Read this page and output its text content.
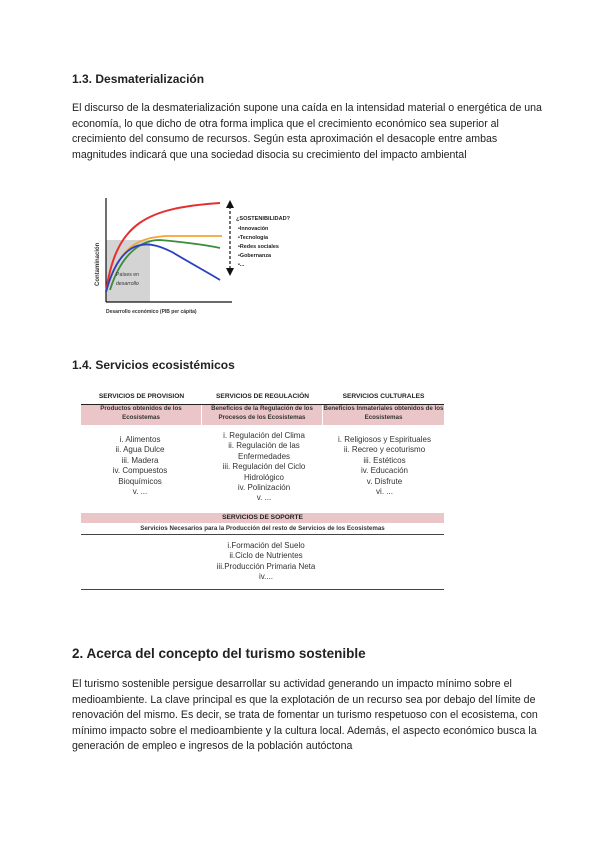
1.3. Desmaterialización
El discurso de la desmaterialización supone una caída en la intensidad material o energética de una economía, lo que dicho de otra forma implica que el crecimiento económico sea superior al crecimiento del consumo de recursos. Según esta aproximación el desacople entre ambas magnitudes indicará que una sociedad disocia su crecimiento del impacto ambiental
Contaminación
Desarrollo económico (PIB per cápita)
Países en
desarrollo
¿SOSTENIBILIDAD?
•Innovación
•Tecnología
•Redes sociales
•Gobernanza
•...
1.4. Servicios ecosistémicos
SERVICIOS DE PROVISION	SERVICIOS DE REGULACIÓN	SERVICIOS CULTURALES
Productos obtenidos de los Ecosistemas
Beneficios de la Regulación de los Procesos de los Ecosistemas
Beneficios Inmateriales obtenidos de los Ecosistemas
i. Alimentos
ii. Agua Dulce
iii. Madera
iv. Compuestos
Bioquímicos
v. ...
i. Regulación del Clima
ii. Regulación de las
Enfermedades
iii. Regulación del Ciclo
Hidrológico
iv. Polinización
v. ...
i. Religiosos y Espirituales
ii. Recreo y ecoturismo
iii. Estéticos
iv. Educación
v. Disfrute
vi. ...
SERVICIOS DE SOPORTE
Servicios Necesarios para la Producción del resto de Servicios de los Ecosistemas
i.Formación del Suelo
ii.Ciclo de Nutrientes
iii.Producción Primaria Neta
iv....
2. Acerca del concepto del turismo sostenible
El turismo sostenible persigue desarrollar su actividad generando un impacto mínimo sobre el medioambiente. La clave principal es que la explotación de un recurso sea por debajo del límite de renovación del mismo. Es decir, se trata de fomentar un turismo respetuoso con el ecosistema, con mínimo impacto sobre el medioambiente y la cultura local. Además, el aspecto económico busca la generación de empleo e ingresos de la población autóctona
